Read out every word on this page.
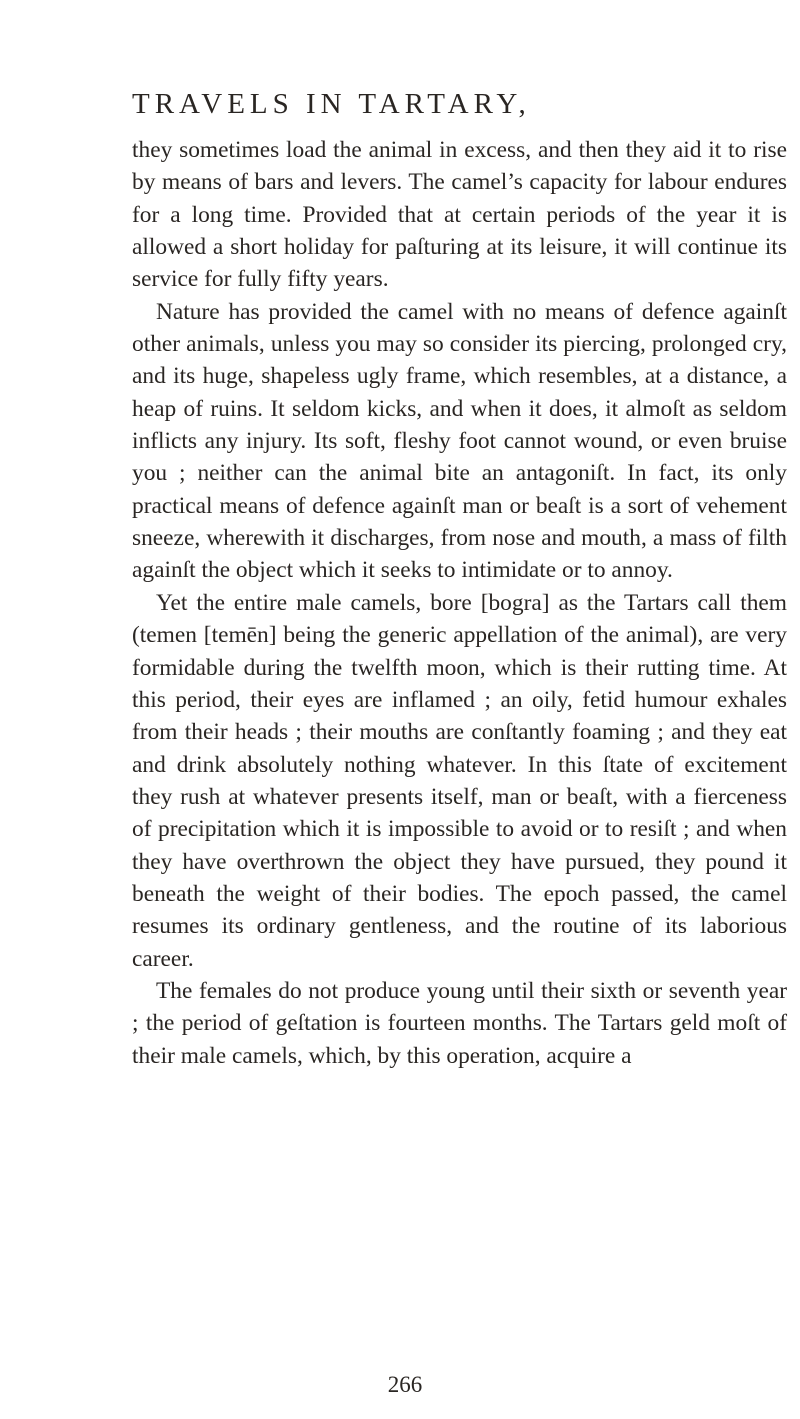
TRAVELS IN TARTARY,

they sometimes load the animal in excess, and then they aid it to rise by means of bars and levers. The camel’s capacity for labour endures for a long time. Provided that at certain periods of the year it is allowed a short holiday for paſturing at its leisure, it will continue its service for fully fifty years.

Nature has provided the camel with no means of defence againſt other animals, unless you may so consider its piercing, prolonged cry, and its huge, shapeless ugly frame, which resembles, at a distance, a heap of ruins. It seldom kicks, and when it does, it almoſt as seldom inflicts any injury. Its soft, fleshy foot cannot wound, or even bruise you ; neither can the animal bite an antagoniſt. In fact, its only practical means of defence againſt man or beaſt is a sort of vehement sneeze, wherewith it discharges, from nose and mouth, a mass of filth againſt the object which it seeks to intimidate or to annoy.

Yet the entire male camels, bore [bogra] as the Tartars call them (temen [temēn] being the generic appellation of the animal), are very formidable during the twelfth moon, which is their rutting time. At this period, their eyes are inflamed ; an oily, fetid humour exhales from their heads ; their mouths are conſtantly foaming ; and they eat and drink absolutely nothing whatever. In this ſtate of excitement they rush at whatever presents itself, man or beaſt, with a fierceness of precipitation which it is impossible to avoid or to resiſt ; and when they have overthrown the object they have pursued, they pound it beneath the weight of their bodies. The epoch passed, the camel resumes its ordinary gentleness, and the routine of its laborious career.

The females do not produce young until their sixth or seventh year ; the period of geſtation is fourteen months. The Tartars geld moſt of their male camels, which, by this operation, acquire a

266
